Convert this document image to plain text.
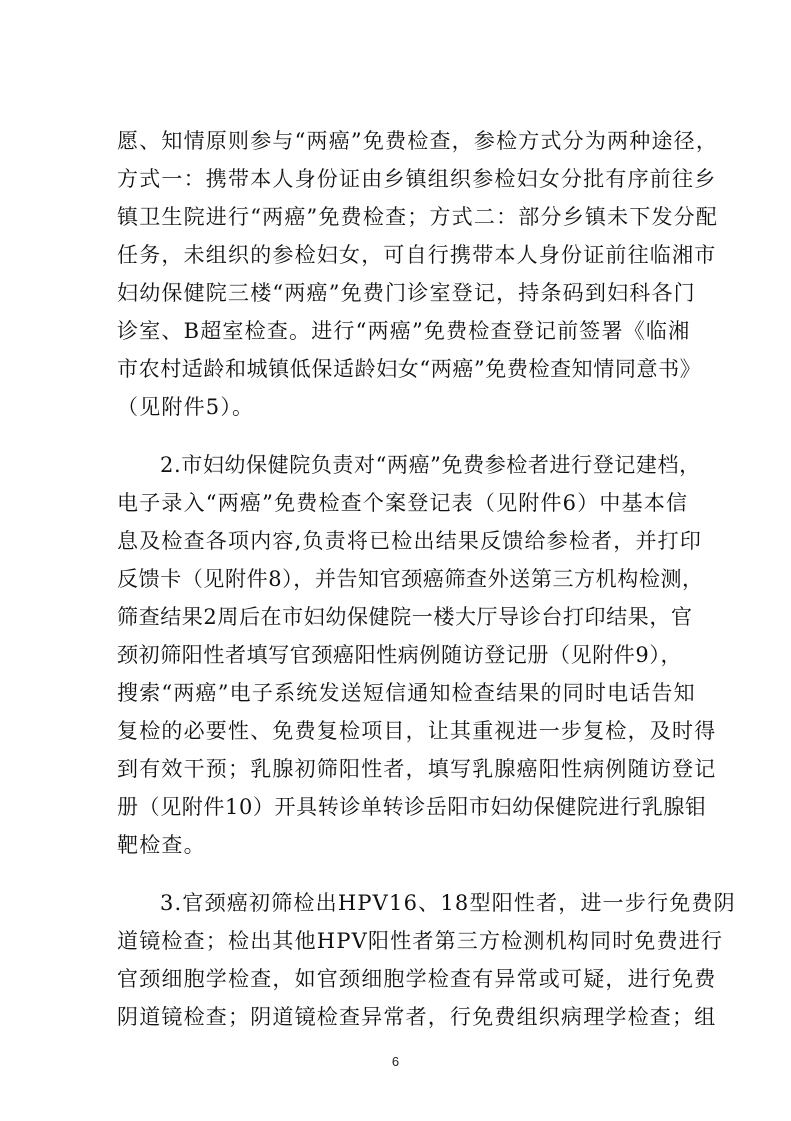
愿、知情原则参与“两癌”免费检查，参检方式分为两种途径，
方式一：携带本人身份证由乡镇组织参检妇女分批有序前往乡
镇卫生院进行“两癌”免费检查；方式二：部分乡镇未下发分配
任务，未组织的参检妇女，可自行携带本人身份证前往临湘市
妇幼保健院三楼“两癌”免费门诊室登记，持条码到妇科各门
诊室、B超室检查。进行“两癌”免费检查登记前签署《临湘
市农村适龄和城镇低保适龄妇女“两癌”免费检查知情同意书》
（见附件5）。
2.市妇幼保健院负责对“两癌”免费参检者进行登记建档，
电子录入“两癌”免费检查个案登记表（见附件6）中基本信
息及检查各项内容,负责将已检出结果反馈给参检者，并打印
反馈卡（见附件8），并告知官颈癌筛查外送第三方机构检测，
筛查结果2周后在市妇幼保健院一楼大厅导诊台打印结果，官
颈初筛阳性者填写官颈癌阳性病例随访登记册（见附件9），
搜索“两癌”电子系统发送短信通知检查结果的同时电话告知
复检的必要性、免费复检项目，让其重视进一步复检，及时得
到有效干预；乳腺初筛阳性者，填写乳腺癌阳性病例随访登记
册（见附件10）开具转诊单转诊岳阳市妇幼保健院进行乳腺钼
靶检查。
3.官颈癌初筛检出HPV16、18型阳性者，进一步行免费阴
道镜检查；检出其他HPV阳性者第三方检测机构同时免费进行
官颈细胞学检查，如官颈细胞学检查有异常或可疑，进行免费
阴道镜检查；阴道镜检查异常者，行免费组织病理学检查；组
6
